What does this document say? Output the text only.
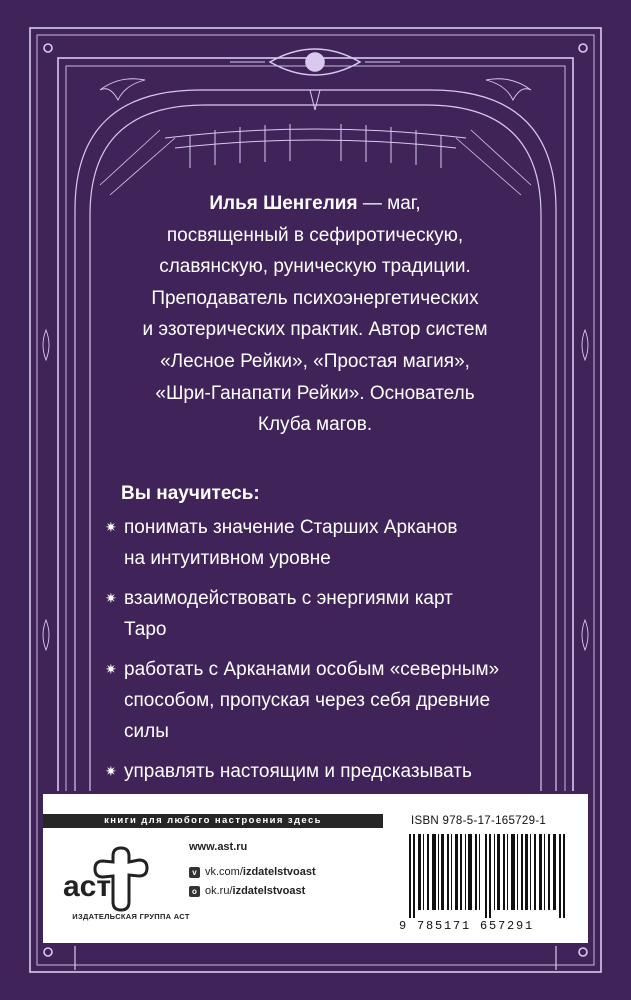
Илья Шенгелия — маг,
посвященный в сефиротическую,
славянскую, руническую традиции.
Преподаватель психоэнергетических
и эзотерических практик. Автор систем
«Лесное Рейки», «Простая магия»,
«Шри-Ганапати Рейки». Основатель
Клуба магов.
Вы научитесь:
✷ понимать значение Старших Арканов
на интуитивном уровне
✷ взаимодействовать с энергиями карт
Таро
✷ работать с Арканами особым «северным»
способом, пропуская через себя древние
силы
✷ управлять настоящим и предсказывать
книги для любого настроения здесь
аст
ИЗДАТЕЛЬСКАЯ ГРУППА АСТ
www.ast.ru
v vk.com/ izdatelstvoast
o ok.ru/ izdatelstvoast
ISBN 978-5-17-165729-1
9 785171 657291
